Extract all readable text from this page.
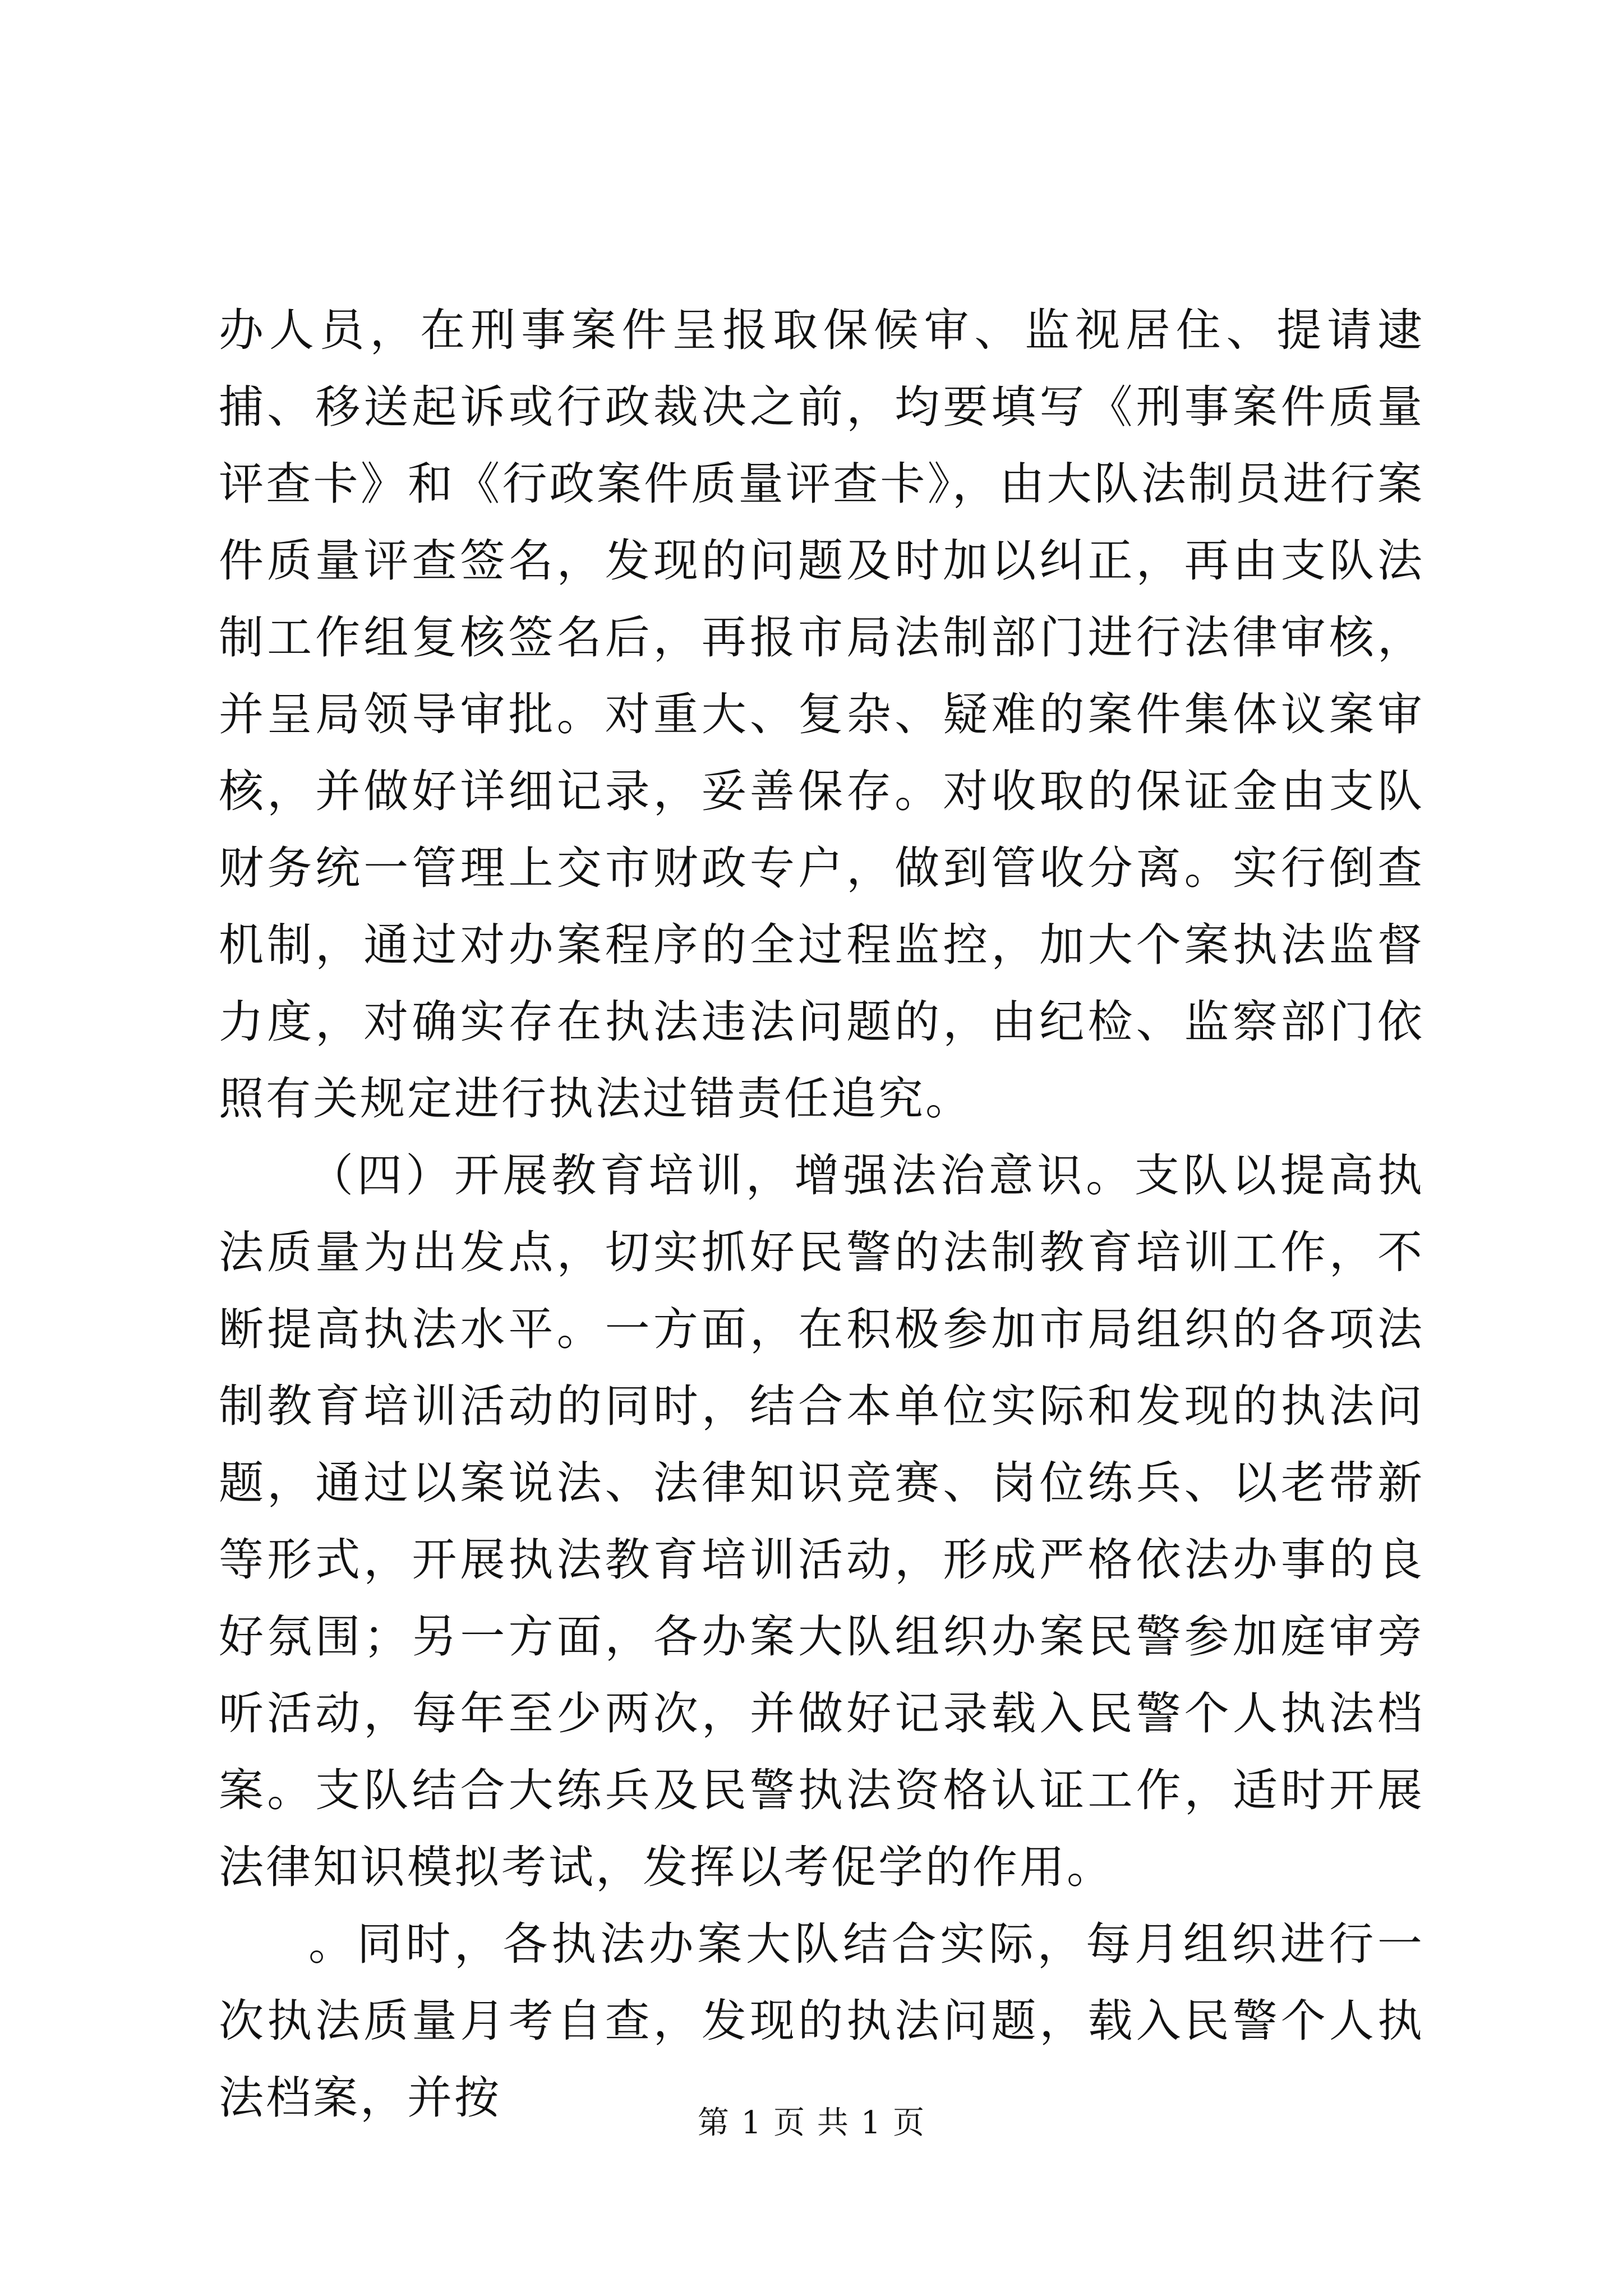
办人员，在刑事案件呈报取保候审、监视居住、提请逮捕、移送起诉或行政裁决之前，均要填写《刑事案件质量评查卡》和《行政案件质量评查卡》，由大队法制员进行案件质量评查签名，发现的问题及时加以纠正，再由支队法制工作组复核签名后，再报市局法制部门进行法律审核，并呈局领导审批。对重大、复杂、疑难的案件集体议案审核，并做好详细记录，妥善保存。对收取的保证金由支队财务统一管理上交市财政专户，做到管收分离。实行倒查机制，通过对办案程序的全过程监控，加大个案执法监督力度，对确实存在执法违法问题的，由纪检、监察部门依照有关规定进行执法过错责任追究。

（四）开展教育培训，增强法治意识。支队以提高执法质量为出发点，切实抓好民警的法制教育培训工作，不断提高执法水平。一方面，在积极参加市局组织的各项法制教育培训活动的同时，结合本单位实际和发现的执法问题，通过以案说法、法律知识竞赛、岗位练兵、以老带新等形式，开展执法教育培训活动，形成严格依法办事的良好氛围；另一方面，各办案大队组织办案民警参加庭审旁听活动，每年至少两次，并做好记录载入民警个人执法档案。支队结合大练兵及民警执法资格认证工作，适时开展法律知识模拟考试，发挥以考促学的作用。

。同时，各执法办案大队结合实际，每月组织进行一次执法质量月考自查，发现的执法问题，载入民警个人执法档案，并按	第 1 页 共 1 页
